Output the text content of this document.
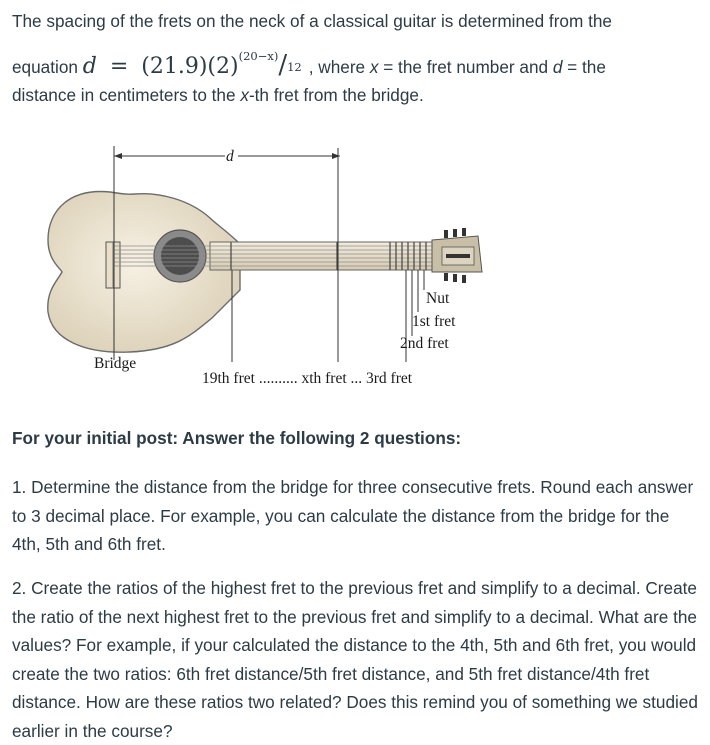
The spacing of the frets on the neck of a classical guitar is determined from the

equation $d = (21.9)(2)^{(20-x)}/12$ , where x = the fret number and d = the

distance in centimeters to the x-th fret from the bridge.

d
Nut
1st fret
2nd fret
Bridge
19th fret .......... xth fret ... 3rd fret

For your initial post: Answer the following 2 questions:

1. Determine the distance from the bridge for three consecutive frets. Round each answer to 3 decimal place. For example, you can calculate the distance from the bridge for the 4th, 5th and 6th fret.

2. Create the ratios of the highest fret to the previous fret and simplify to a decimal. Create the ratio of the next highest fret to the previous fret and simplify to a decimal. What are the values? For example, if your calculated the distance to the 4th, 5th and 6th fret, you would create the two ratios: 6th fret distance/5th fret distance, and 5th fret distance/4th fret distance. How are these ratios two related? Does this remind you of something we studied earlier in the course?
